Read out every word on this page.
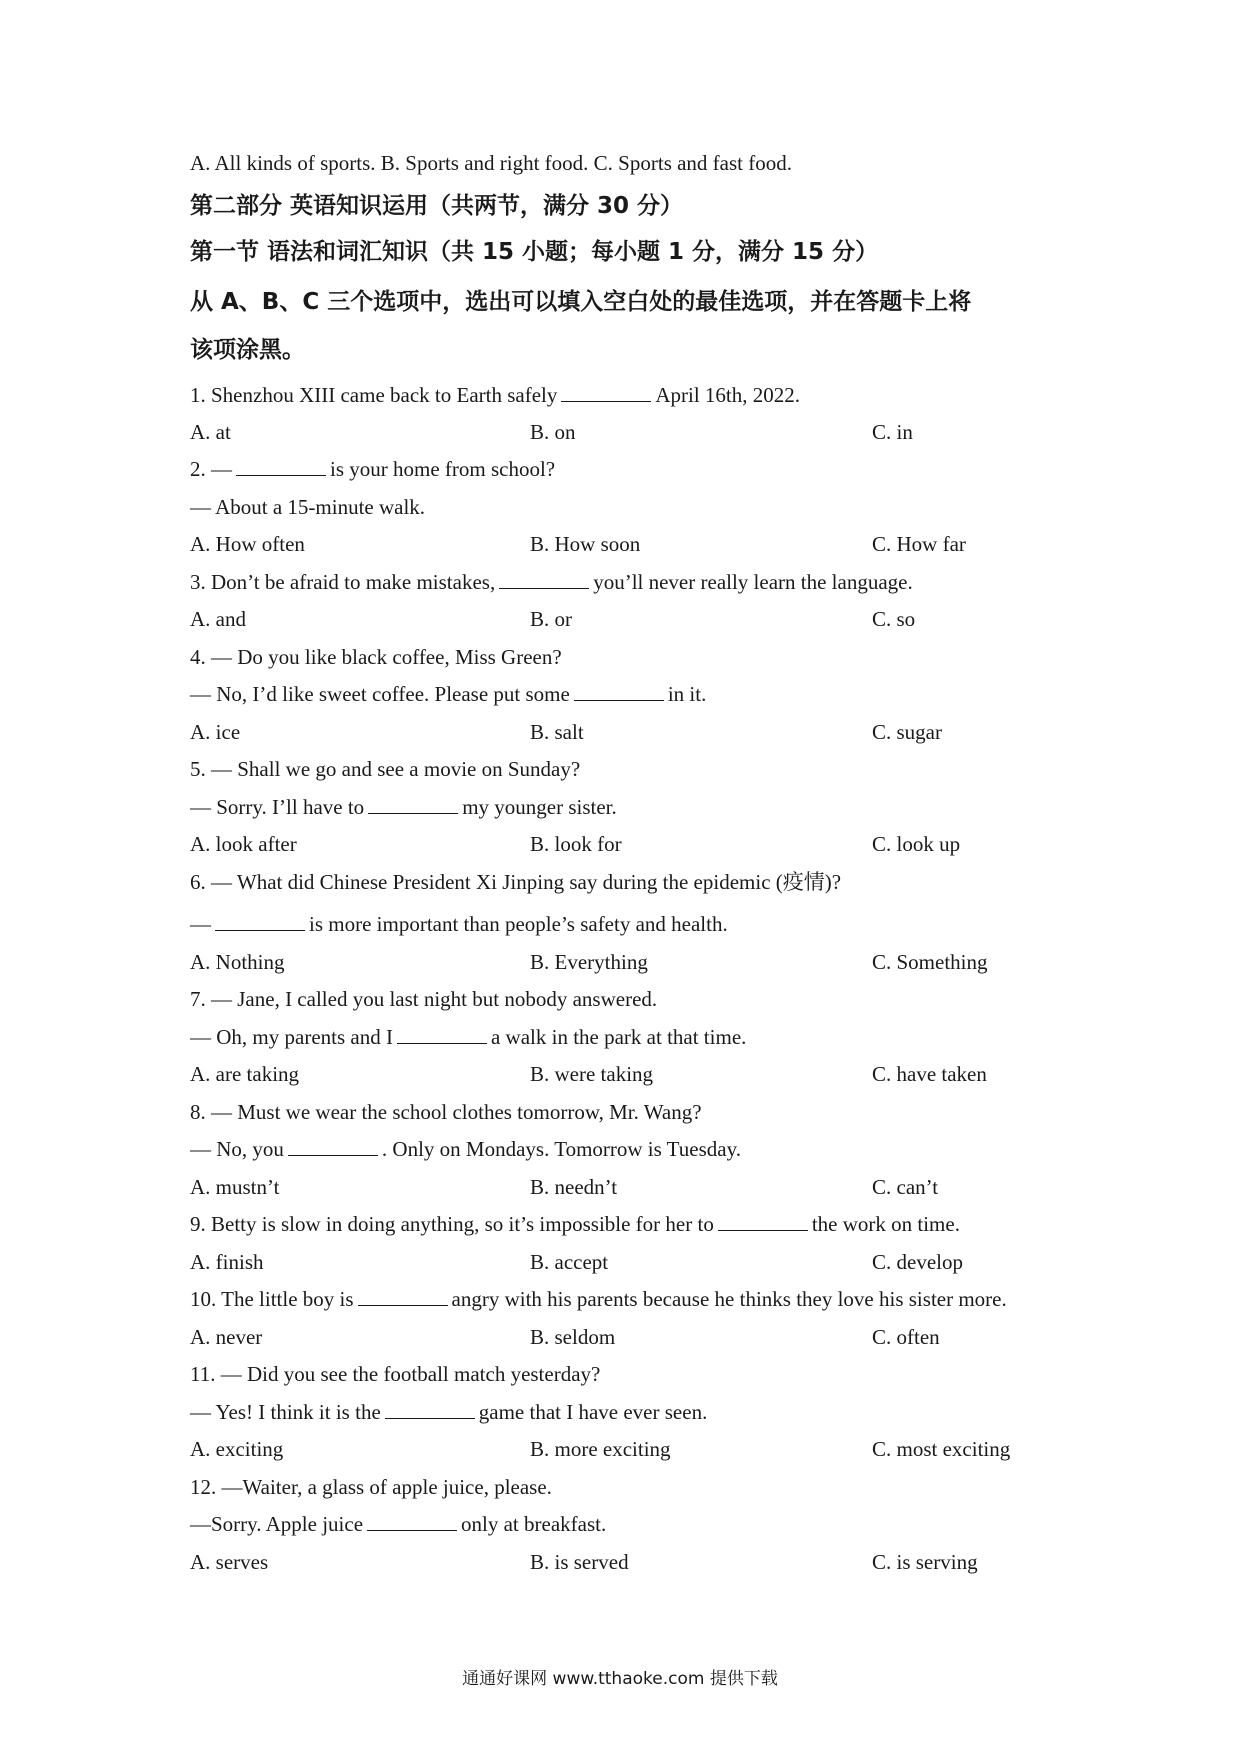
A. All kinds of sports. B. Sports and right food. C. Sports and fast food.
第二部分 英语知识运用（共两节，满分 30 分）
第一节 语法和词汇知识（共 15 小题；每小题 1 分，满分 15 分）
从 A、B、C 三个选项中，选出可以填入空白处的最佳选项，并在答题卡上将
该项涂黑。
1. Shenzhou XIII came back to Earth safely	April 16th, 2022.
A. at	B. on	C. in
2. —	is your home from school?
— About a 15-minute walk.
A. How often	B. How soon	C. How far
3. Don’t be afraid to make mistakes,	you’ll never really learn the language.
A. and	B. or	C. so
4. — Do you like black coffee, Miss Green?
— No, I’d like sweet coffee. Please put some	in it.
A. ice	B. salt	C. sugar
5. — Shall we go and see a movie on Sunday?
— Sorry. I’ll have to	my younger sister.
A. look after	B. look for	C. look up
6. — What did Chinese President Xi Jinping say during the epidemic (疫情)?
—	is more important than people’s safety and health.
A. Nothing	B. Everything	C. Something
7. — Jane, I called you last night but nobody answered.
— Oh, my parents and I	a walk in the park at that time.
A. are taking	B. were taking	C. have taken
8. — Must we wear the school clothes tomorrow, Mr. Wang?
— No, you	. Only on Mondays. Tomorrow is Tuesday.
A. mustn’t	B. needn’t	C. can’t
9. Betty is slow in doing anything, so it’s impossible for her to	the work on time.
A. finish	B. accept	C. develop
10. The little boy is	angry with his parents because he thinks they love his sister more.
A. never	B. seldom	C. often
11. — Did you see the football match yesterday?
— Yes! I think it is the	game that I have ever seen.
A. exciting	B. more exciting	C. most exciting
12. —Waiter, a glass of apple juice, please.
—Sorry. Apple juice	only at breakfast.
A. serves	B. is served	C. is serving
通通好课网 www.tthaoke.com 提供下载
